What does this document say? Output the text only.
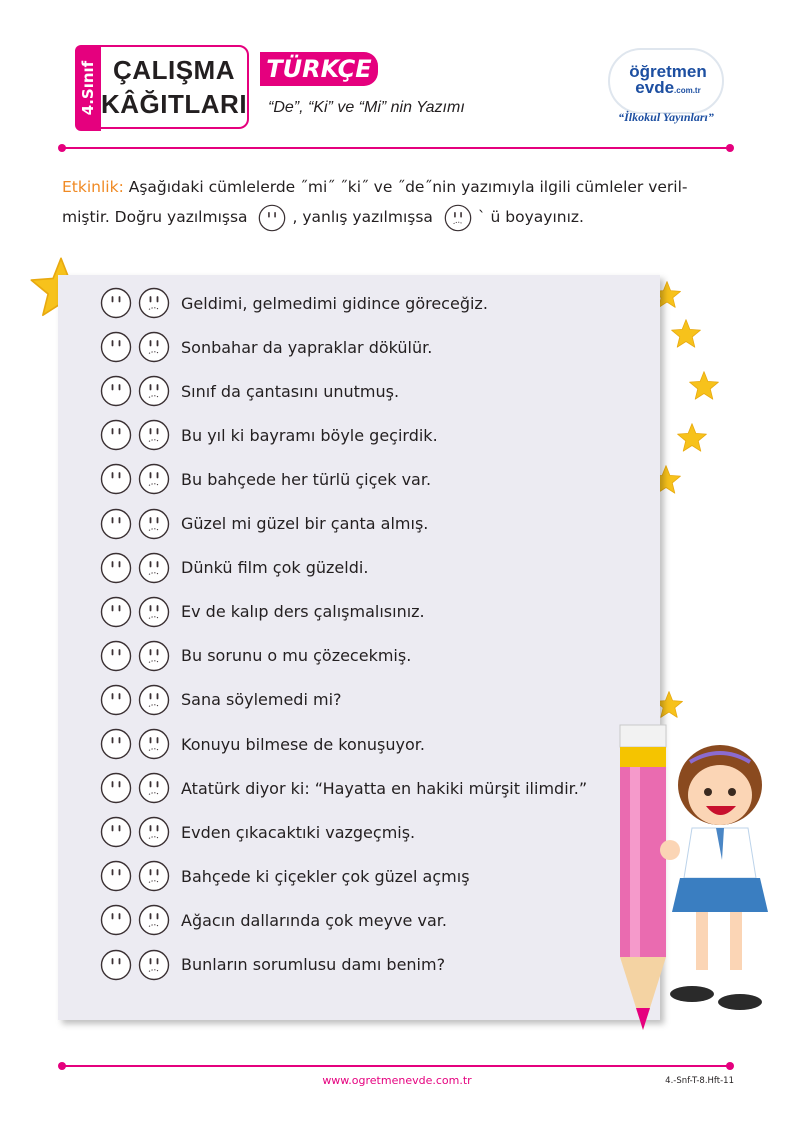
4.Sınıf ÇALIŞMA
KÂĞITLARI
TÜRKÇE
“De”, “Ki” ve “Mi” nin Yazımı
öğretmen
evde.com.tr
“İlkokul Yayınları”
Etkinlik: Aşağıdaki cümlelerde ˝mi˝ ˝ki˝ ve ˝de˝nin yazımıyla ilgili cümleler veril-
miştir. Doğru yazılmışsa	, yanlış yazılmışsa	ˋ ü boyayınız.
Geldimi, gelmedimi gidince göreceğiz.
Sonbahar da yapraklar dökülür.
Sınıf da çantasını unutmuş.
Bu yıl ki bayramı böyle geçirdik.
Bu bahçede her türlü çiçek var.
Güzel mi güzel bir çanta almış.
Dünkü film çok güzeldi.
Ev de kalıp ders çalışmalısınız.
Bu sorunu o mu çözecekmiş.
Sana söylemedi mi?
Konuyu bilmese de konuşuyor.
Atatürk diyor ki: “Hayatta en hakiki mürşit ilimdir.”
Evden çıkacaktıki vazgeçmiş.
Bahçede ki çiçekler çok güzel açmış
Ağacın dallarında çok meyve var.
Bunların sorumlusu damı benim?
www.ogretmenevde.com.tr	4.-Snf-T-8.Hft-11
